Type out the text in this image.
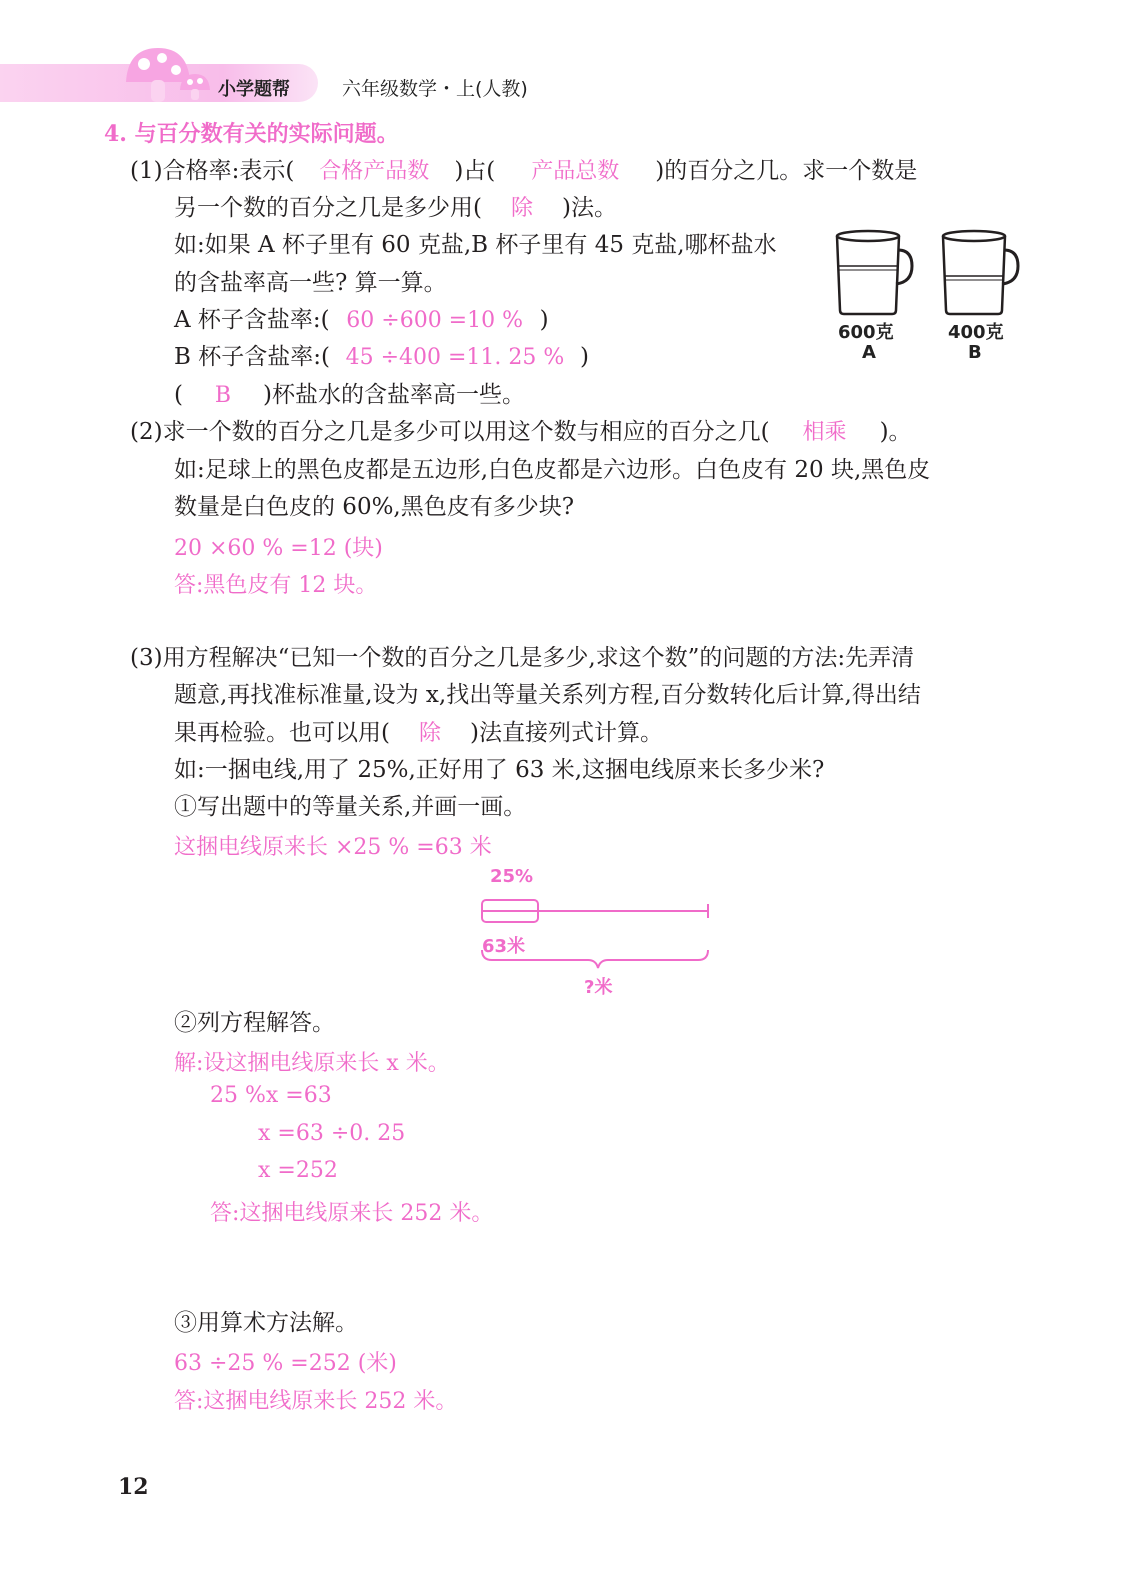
小学题帮	六年级数学・上(人教)
4. 与百分数有关的实际问题。
(1)合格率:表示( 合格产品数 )占( 产品总数 )的百分之几。求一个数是
另一个数的百分之几是多少用( 除 )法。
如:如果 A 杯子里有 60 克盐,B 杯子里有 45 克盐,哪杯盐水
的含盐率高一些? 算一算。
A 杯子含盐率:( 60 ÷600 =10 % )
B 杯子含盐率:( 45 ÷400 =11. 25 % )
( B )杯盐水的含盐率高一些。
600克
A
400克
B
(2)求一个数的百分之几是多少可以用这个数与相应的百分之几( 相乘 )。
如:足球上的黑色皮都是五边形,白色皮都是六边形。白色皮有 20 块,黑色皮
数量是白色皮的 60%,黑色皮有多少块?
20 ×60 % =12 (块)
答:黑色皮有 12 块。
(3)用方程解决“已知一个数的百分之几是多少,求这个数”的问题的方法:先弄清
题意,再找准标准量,设为 x,找出等量关系列方程,百分数转化后计算,得出结
果再检验。也可以用( 除 )法直接列式计算。
如:一捆电线,用了 25%,正好用了 63 米,这捆电线原来长多少米?
①写出题中的等量关系,并画一画。
这捆电线原来长 ×25 % =63 米
25%
63米
?米
②列方程解答。
解:设这捆电线原来长 x 米。
25 %x =63
x =63 ÷0. 25
x =252
答:这捆电线原来长 252 米。
③用算术方法解。
63 ÷25 % =252 (米)
答:这捆电线原来长 252 米。
12
